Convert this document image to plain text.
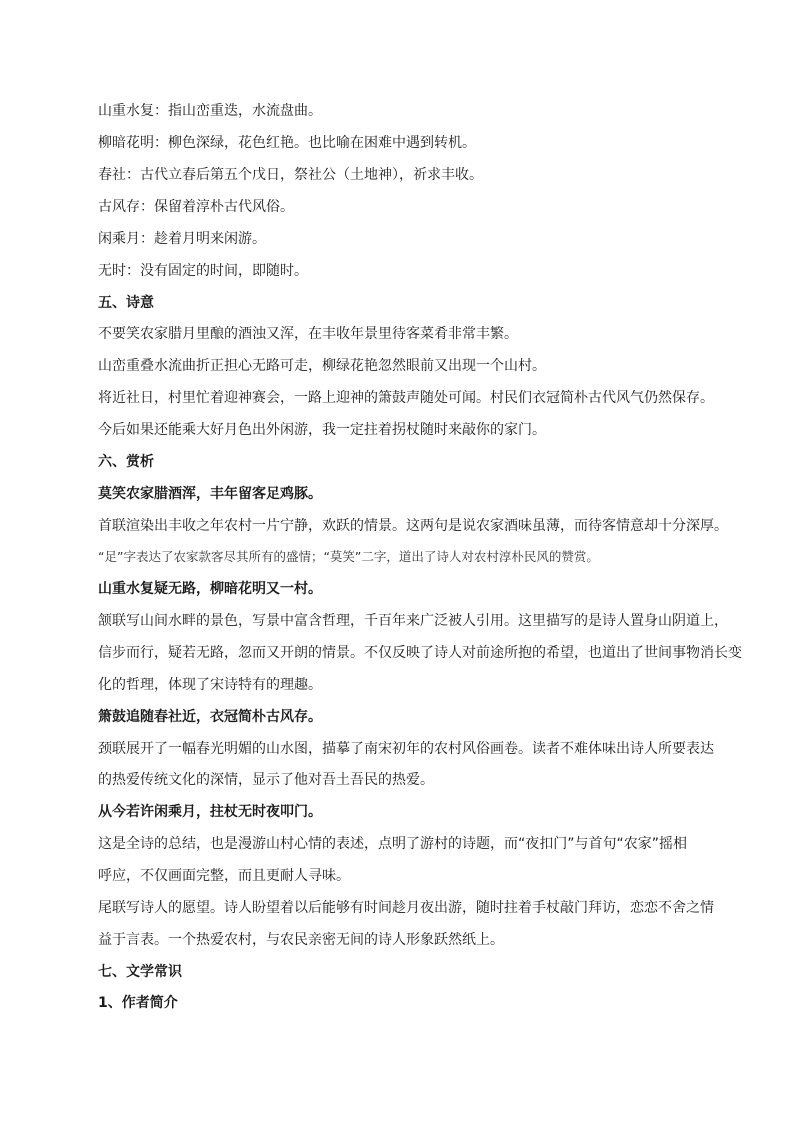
山重水复：指山峦重迭，水流盘曲。
柳暗花明：柳色深绿，花色红艳。也比喻在困难中遇到转机。
春社：古代立春后第五个戊日，祭社公（土地神），祈求丰收。
古风存：保留着淳朴古代风俗。
闲乘月：趁着月明来闲游。
无时：没有固定的时间，即随时。
五、诗意
不要笑农家腊月里酿的酒浊又浑，在丰收年景里待客菜肴非常丰繁。
山峦重叠水流曲折正担心无路可走，柳绿花艳忽然眼前又出现一个山村。
将近社日，村里忙着迎神赛会，一路上迎神的箫鼓声随处可闻。村民们衣冠简朴古代风气仍然保存。
今后如果还能乘大好月色出外闲游，我一定拄着拐杖随时来敲你的家门。
六、赏析
莫笑农家腊酒浑，丰年留客足鸡豚。
首联渲染出丰收之年农村一片宁静，欢跃的情景。这两句是说农家酒味虽薄，而待客情意却十分深厚。
“足”字表达了农家款客尽其所有的盛情；“莫笑”二字，道出了诗人对农村淳朴民风的赞赏。
山重水复疑无路，柳暗花明又一村。
颔联写山间水畔的景色，写景中富含哲理，千百年来广泛被人引用。这里描写的是诗人置身山阴道上，
信步而行，疑若无路，忽而又开朗的情景。不仅反映了诗人对前途所抱的希望，也道出了世间事物消长变
化的哲理，体现了宋诗特有的理趣。
箫鼓追随春社近，衣冠简朴古风存。
颈联展开了一幅春光明媚的山水图，描摹了南宋初年的农村风俗画卷。读者不难体味出诗人所要表达
的热爱传统文化的深情，显示了他对吾土吾民的热爱。
从今若许闲乘月，拄杖无时夜叩门。
这是全诗的总结，也是漫游山村心情的表述，点明了游村的诗题，而“夜扣门”与首句“农家”摇相
呼应，不仅画面完整，而且更耐人寻味。
尾联写诗人的愿望。诗人盼望着以后能够有时间趁月夜出游，随时拄着手杖敲门拜访，恋恋不舍之情
益于言表。一个热爱农村，与农民亲密无间的诗人形象跃然纸上。
七、文学常识
1、作者简介
